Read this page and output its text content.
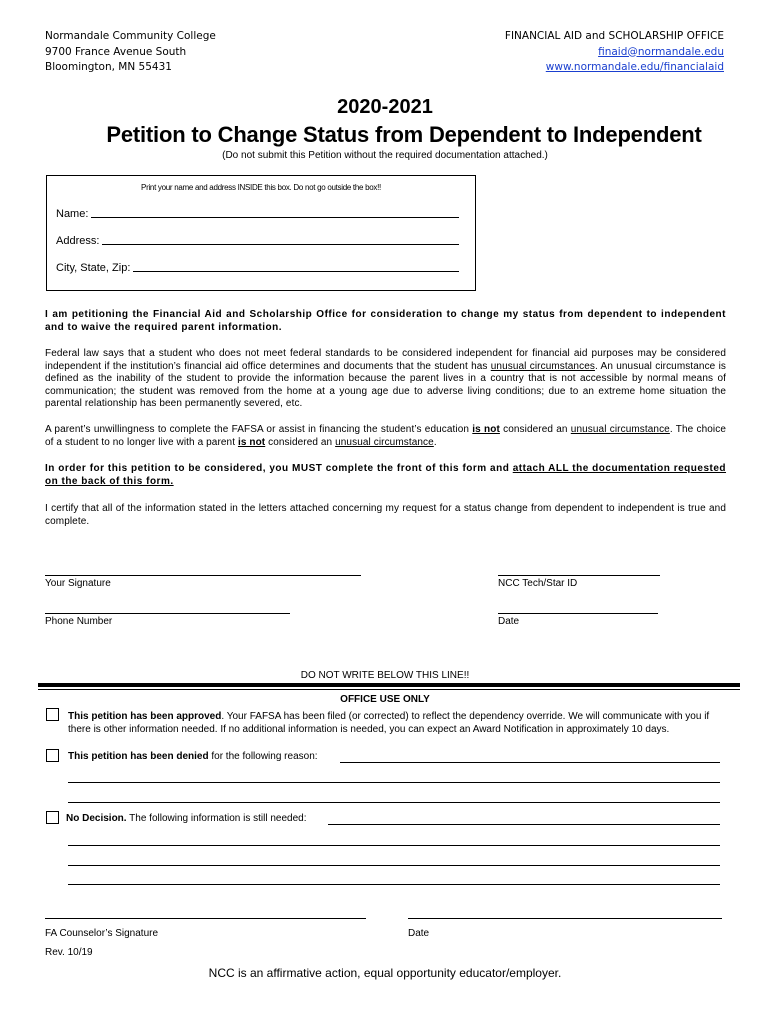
Normandale Community College
9700 France Avenue South
Bloomington, MN 55431
FINANCIAL AID and SCHOLARSHIP OFFICE
finaid@normandale.edu
www.normandale.edu/financialaid
2020-2021
Petition to Change Status from Dependent to Independent
(Do not submit this Petition without the required documentation attached.)
Print your name and address INSIDE this box. Do not go outside the box!!
Name:
Address:
City, State, Zip:
I am petitioning the Financial Aid and Scholarship Office for consideration to change my status from dependent to independent and to waive the required parent information.
Federal law says that a student who does not meet federal standards to be considered independent for financial aid purposes may be considered independent if the institution’s financial aid office determines and documents that the student has unusual circumstances. An unusual circumstance is defined as the inability of the student to provide the information because the parent lives in a country that is not accessible by normal means of communication; the student was removed from the home at a young age due to adverse living conditions; due to an extreme home situation the parental relationship has been permanently severed, etc.
A parent’s unwillingness to complete the FAFSA or assist in financing the student’s education is not considered an unusual circumstance. The choice of a student to no longer live with a parent is not considered an unusual circumstance.
In order for this petition to be considered, you MUST complete the front of this form and attach ALL the documentation requested on the back of this form.
I certify that all of the information stated in the letters attached concerning my request for a status change from dependent to independent is true and complete.
Your Signature	NCC Tech/Star ID
Phone Number	Date
DO NOT WRITE BELOW THIS LINE!!
OFFICE USE ONLY
This petition has been approved. Your FAFSA has been filed (or corrected) to reflect the dependency override. We will communicate with you if there is other information needed. If no additional information is needed, you can expect an Award Notification in approximately 10 days.
This petition has been denied for the following reason:
No Decision. The following information is still needed:
FA Counselor’s Signature	Date
Rev. 10/19
NCC is an affirmative action, equal opportunity educator/employer.
